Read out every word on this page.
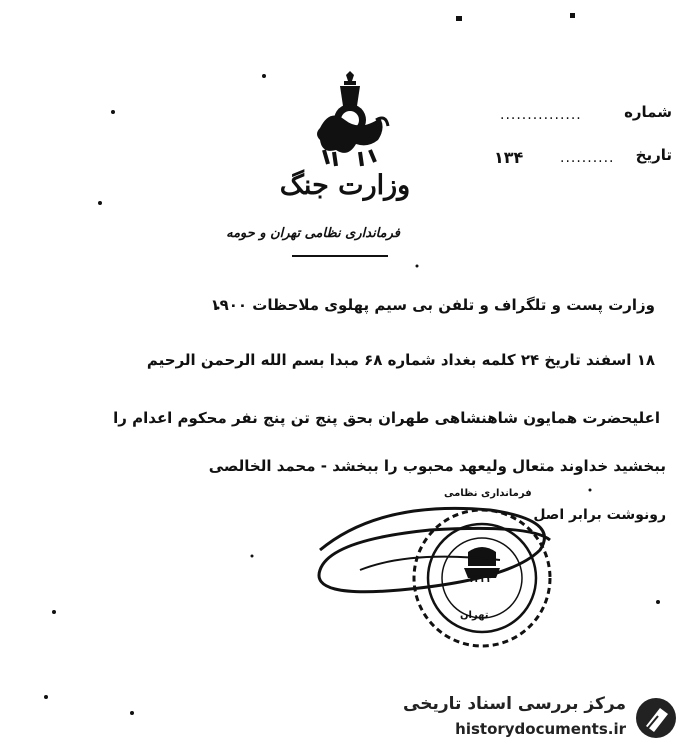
شماره
...............
تاریخ
..........
۱۳۴
وزارت جنگ
فرمانداری نظامی تهران و حومه
وزارت پست و تلگراف و تلفن بی سیم پهلوی ملاحظات ۱۹۰۰
۱۸ اسفند تاریخ ۲۴ کلمه بغداد شماره ۶۸ مبدا بسم الله الرحمن الرحیم
اعلیحضرت همایون شاهنشاهی طهران بحق پنج تن پنج نفر محکوم اعدام را
ببخشید خداوند متعال ولیعهد محبوب را ببخشد - محمد الخالصی
رونوشت برابر اصل
۱۳۳۲
فرمانداری نظامی
تهران
مرکز بررسی اسناد تاریخی
historydocuments.ir
